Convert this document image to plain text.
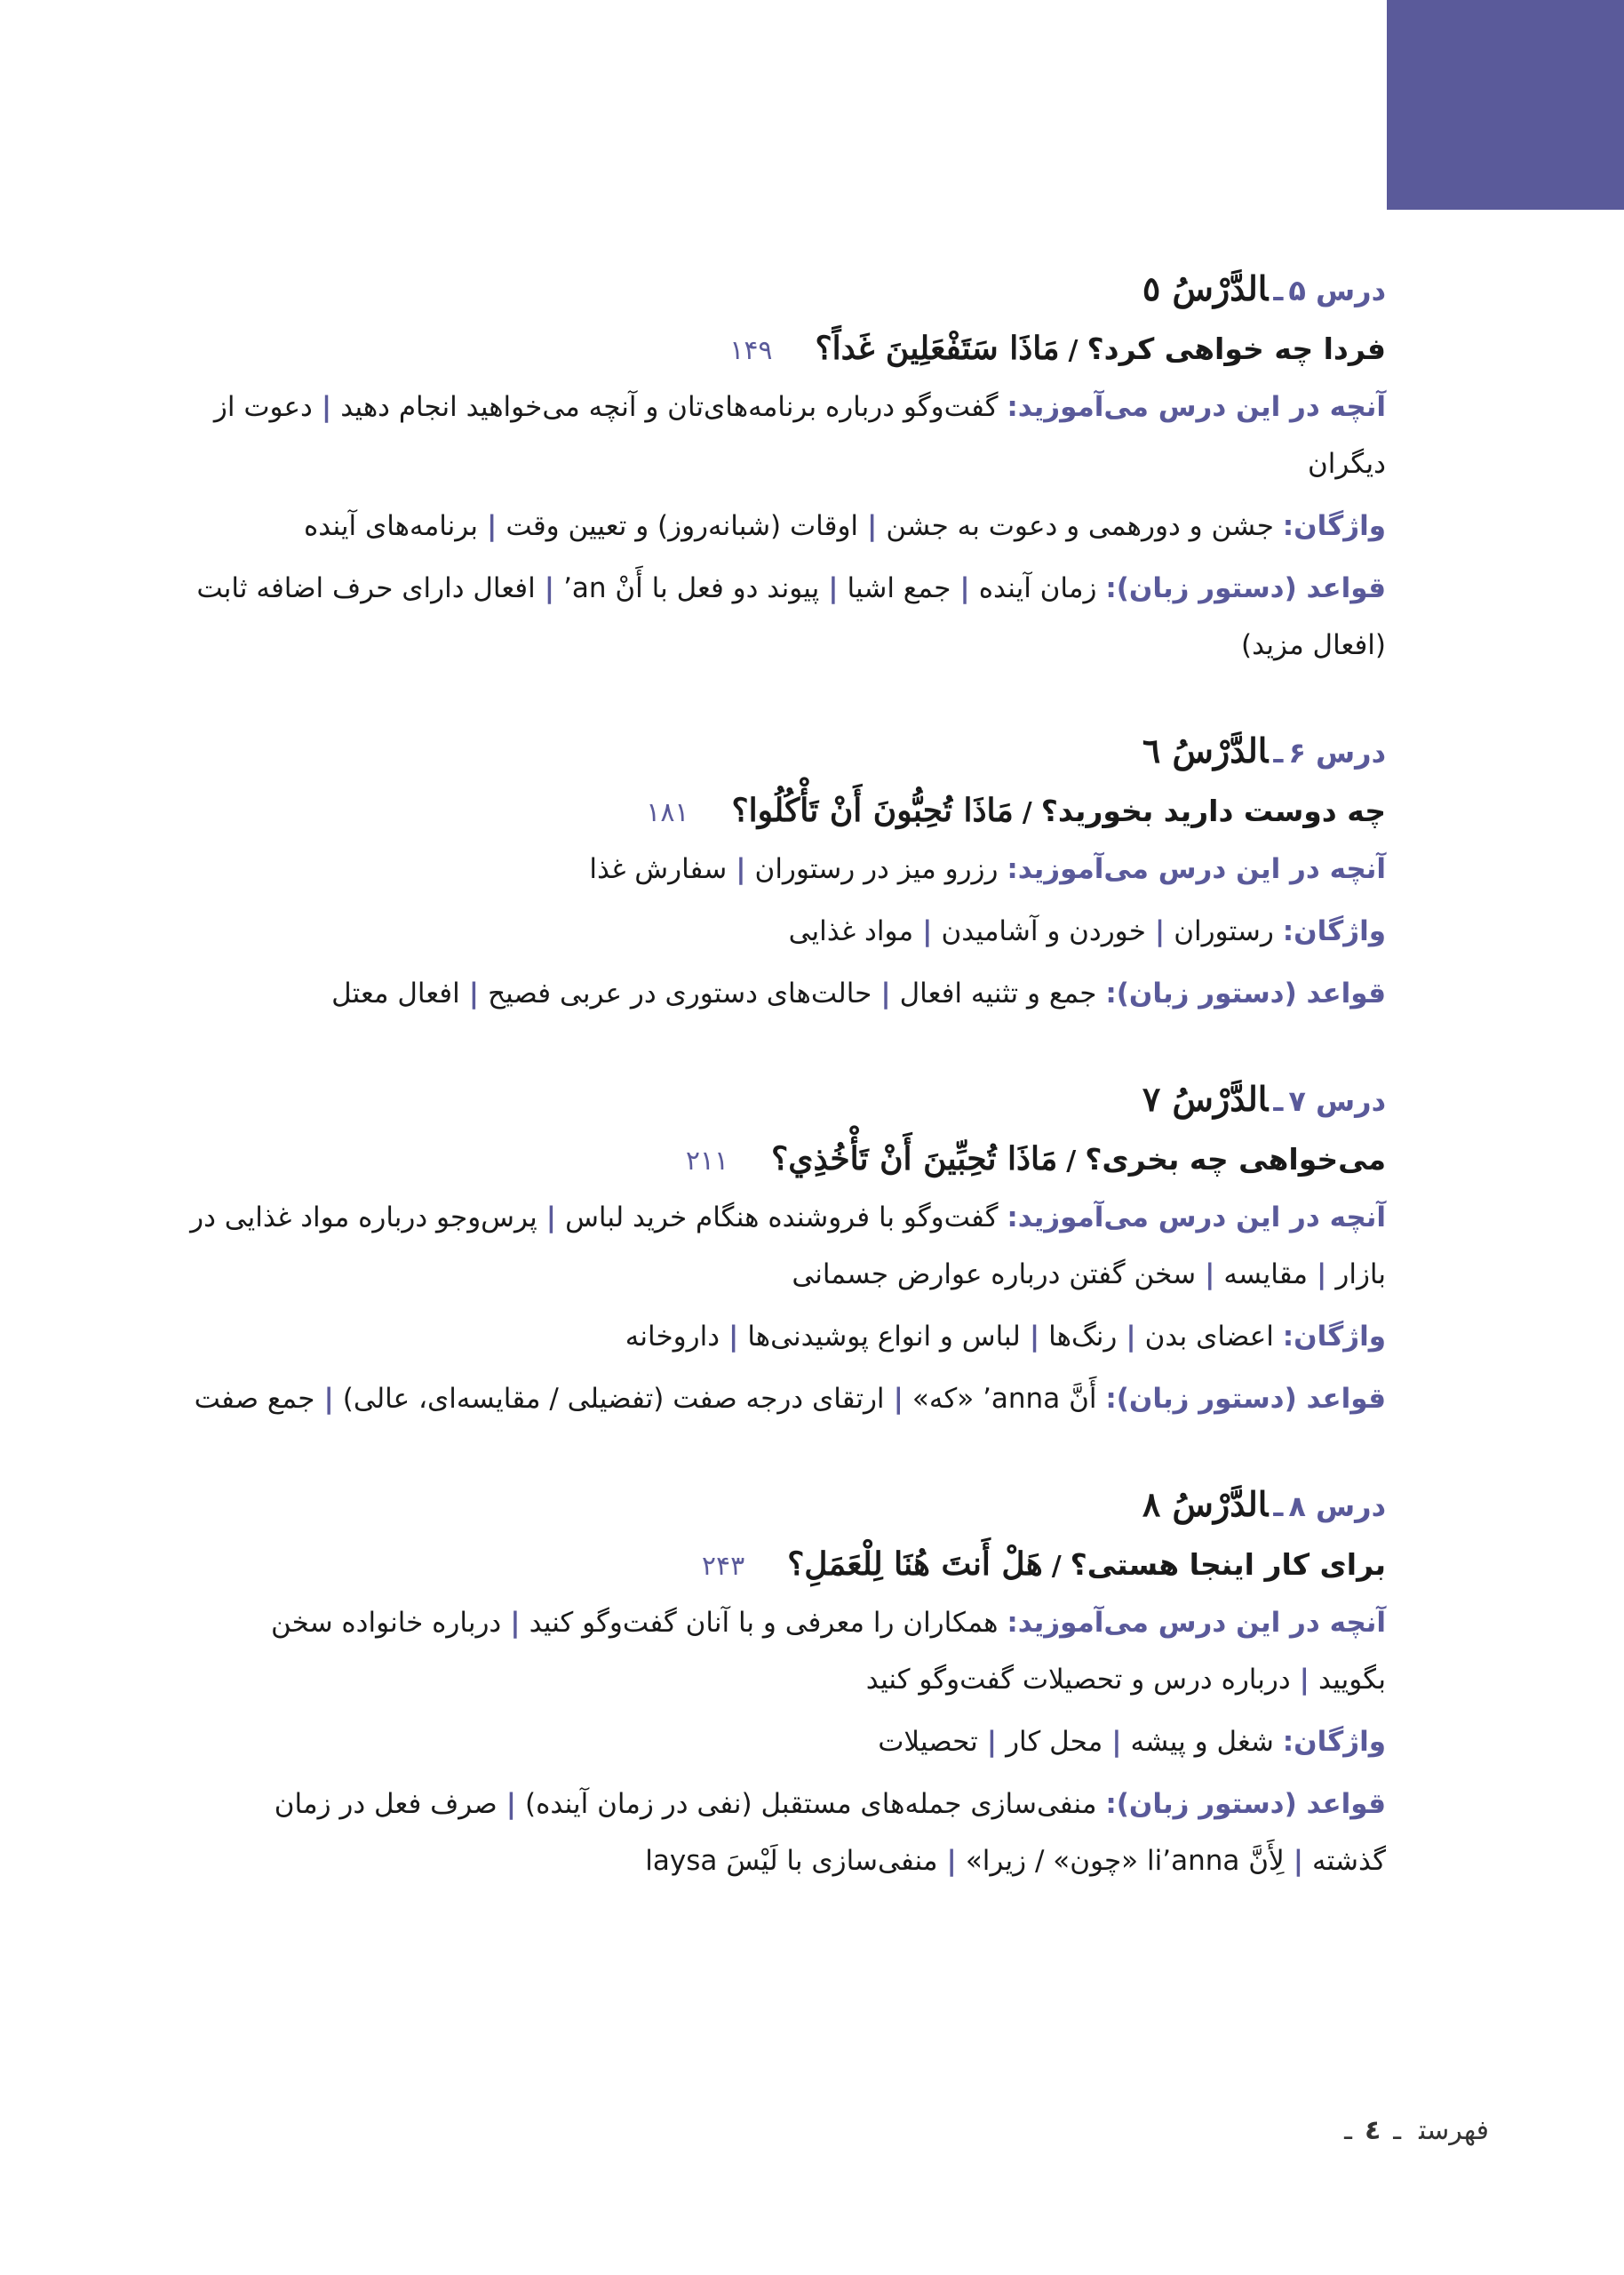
درس ۵ـالدَّرْسُ ٥
فردا چه خواهی کرد؟/مَاذَا سَتَفْعَلِينَ غَداً؟۱۴۹
آنچه در این درس می‌آموزید: گفت‌وگو درباره برنامه‌های‌تان و آنچه می‌خواهید انجام دهید|دعوت از دیگران
واژگان: جشن و دورهمی و دعوت به جشن|اوقات (شبانه‌روز) و تعیین وقت|برنامه‌های آینده
قواعد (دستور زبان): زمان آینده|جمع اشیا|پیوند دو فعل با أَنْ ʼan|افعال دارای حرف اضافه ثابت (افعال مزید)
درس ۶ـالدَّرْسُ ٦
چه دوست دارید بخورید؟/مَاذَا تُحِبُّونَ أَنْ تَأْكُلُوا؟۱۸۱
آنچه در این درس می‌آموزید: رزرو میز در رستوران|سفارش غذا
واژگان: رستوران|خوردن و آشامیدن|مواد غذایی
قواعد (دستور زبان): جمع و تثنیه افعال|حالت‌های دستوری در عربی فصیح|افعال معتل
درس ۷ـالدَّرْسُ ٧
می‌خواهی چه بخری؟/مَاذَا تُحِبِّينَ أَنْ تَأْخُذِي؟۲۱۱
آنچه در این درس می‌آموزید: گفت‌وگو با فروشنده هنگام خرید لباس|پرس‌وجو درباره مواد غذایی در بازار|مقایسه|سخن گفتن درباره عوارض جسمانی
واژگان: اعضای بدن|رنگ‌ها|لباس و انواع پوشیدنی‌ها|داروخانه
قواعد (دستور زبان): أَنَّ ʼanna «که»|ارتقای درجه صفت (تفضیلی / مقایسه‌ای، عالی)|جمع صفت
درس ۸ـالدَّرْسُ ٨
برای کار اینجا هستی؟/هَلْ أَنتَ هُنَا لِلْعَمَلِ؟۲۴۳
آنچه در این درس می‌آموزید: همکاران را معرفی و با آنان گفت‌وگو کنید|درباره خانواده سخن بگویید|درباره درس و تحصیلات گفت‌وگو کنید
واژگان: شغل و پیشه|محل کار|تحصیلات
قواعد (دستور زبان): منفی‌سازی جمله‌های مستقبل (نفی در زمان آینده)|صرف فعل در زمان گذشته|لِأَنَّ liʼanna «چون» / زیرا»|منفی‌سازی با لَيْسَ laysa
فهرستـ٤ـ
